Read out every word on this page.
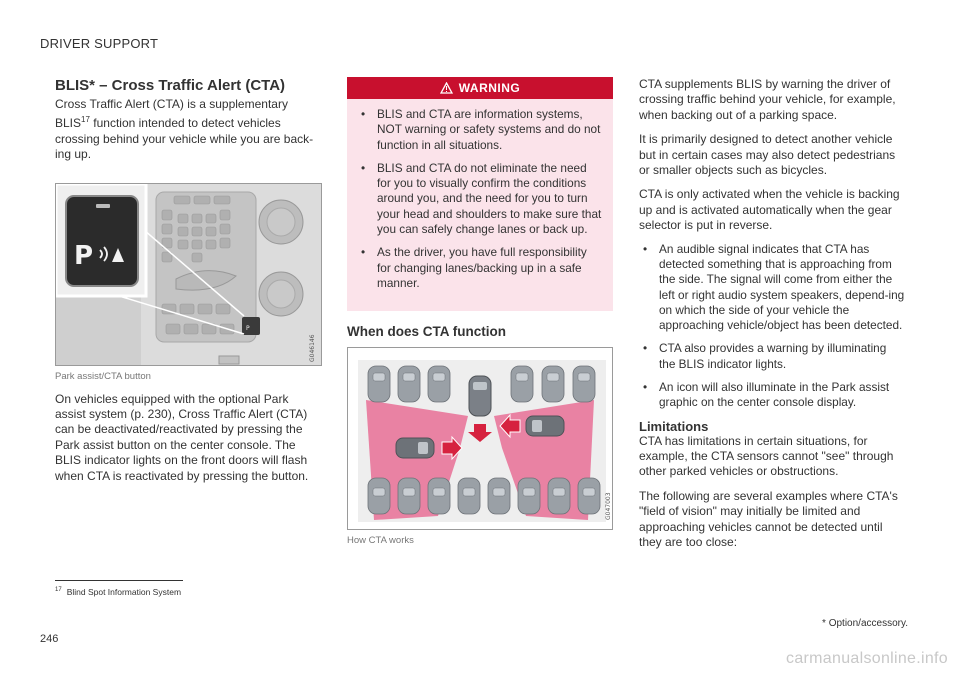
DRIVER SUPPORT
BLIS* – Cross Traffic Alert (CTA)
Cross Traffic Alert (CTA) is a supplementary BLIS$^{17}$ function intended to detect vehicles crossing behind your vehicle while you are back-ing up.
P
P
G046146
Park assist/CTA button
On vehicles equipped with the optional Park assist system (p. 230), Cross Traffic Alert (CTA) can be deactivated/reactivated by pressing the Park assist button on the center console. The BLIS indicator lights on the front doors will flash when CTA is reactivated by pressing the button.
WARNING
• BLIS and CTA are information systems, NOT warning or safety systems and do not function in all situations.
• BLIS and CTA do not eliminate the need for you to visually confirm the conditions around you, and the need for you to turn your head and shoulders to make sure that you can safely change lanes or back up.
• As the driver, you have full responsibility for changing lanes/backing up in a safe manner.
When does CTA function
G047003
How CTA works
CTA supplements BLIS by warning the driver of crossing traffic behind your vehicle, for example, when backing out of a parking space.
It is primarily designed to detect another vehicle but in certain cases may also detect pedestrians or smaller objects such as bicycles.
CTA is only activated when the vehicle is backing up and is activated automatically when the gear selector is put in reverse.
• An audible signal indicates that CTA has detected something that is approaching from the side. The signal will come from either the left or right audio system speakers, depend-ing on which the side of your vehicle the approaching vehicle/object has been detected.
• CTA also provides a warning by illuminating the BLIS indicator lights.
• An icon will also illuminate in the Park assist graphic on the center console display.
Limitations
CTA has limitations in certain situations, for example, the CTA sensors cannot "see" through other parked vehicles or obstructions.
The following are several examples where CTA's "field of vision" may initially be limited and approaching vehicles cannot be detected until they are too close:
$^{17}$ Blind Spot Information System
* Option/accessory.
246
carmanualsonline.info
